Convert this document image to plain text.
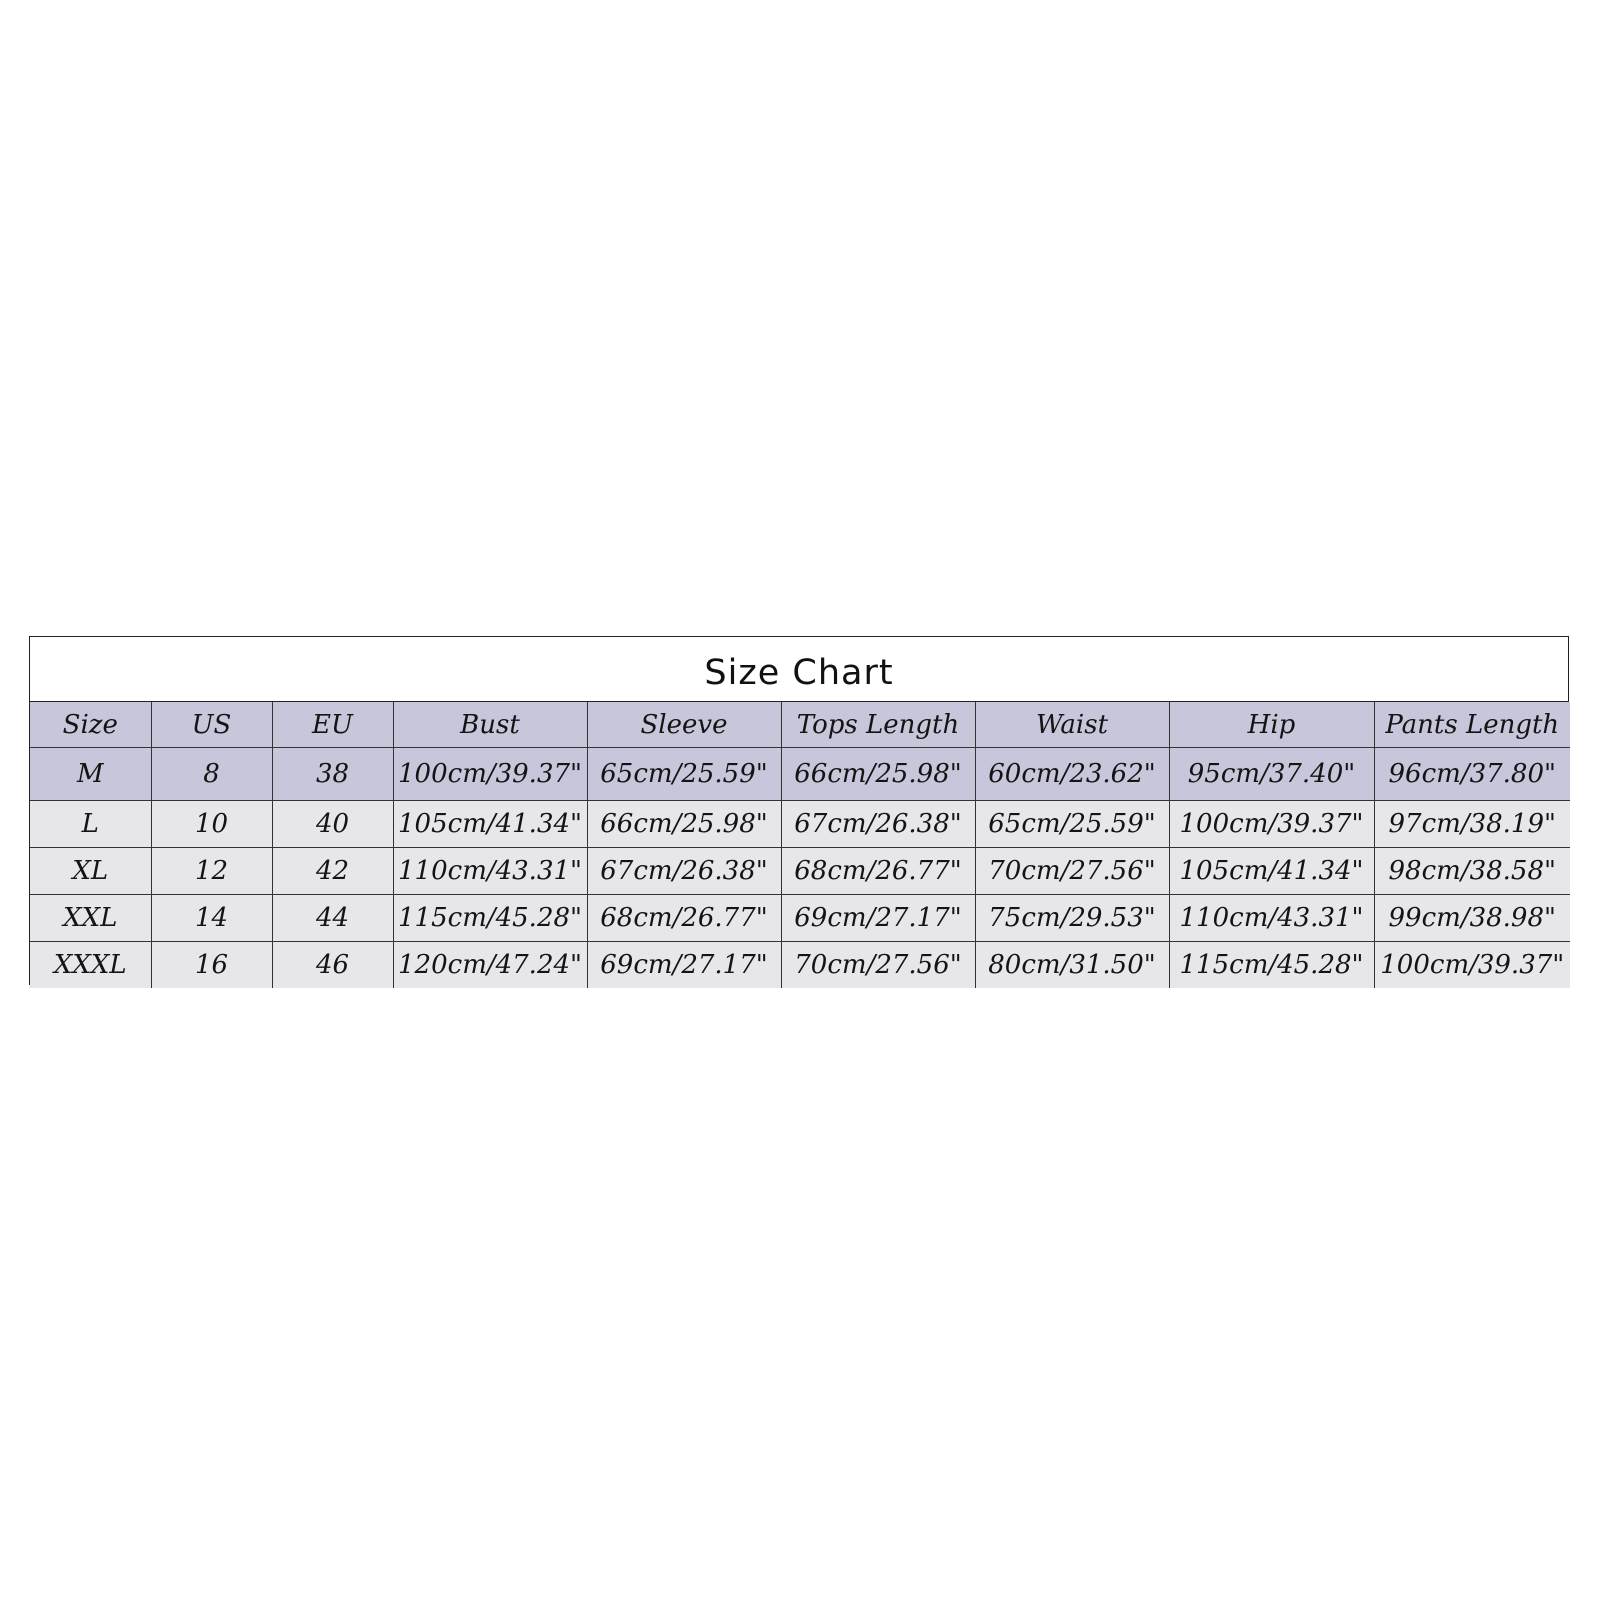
Size Chart
Size	US	EU	Bust	Sleeve	Tops Length	Waist	Hip	Pants Length
M	8	38	100cm/39.37"	65cm/25.59"	66cm/25.98"	60cm/23.62"	95cm/37.40"	96cm/37.80"
L	10	40	105cm/41.34"	66cm/25.98"	67cm/26.38"	65cm/25.59"	100cm/39.37"	97cm/38.19"
XL	12	42	110cm/43.31"	67cm/26.38"	68cm/26.77"	70cm/27.56"	105cm/41.34"	98cm/38.58"
XXL	14	44	115cm/45.28"	68cm/26.77"	69cm/27.17"	75cm/29.53"	110cm/43.31"	99cm/38.98"
XXXL	16	46	120cm/47.24"	69cm/27.17"	70cm/27.56"	80cm/31.50"	115cm/45.28"	100cm/39.37"
